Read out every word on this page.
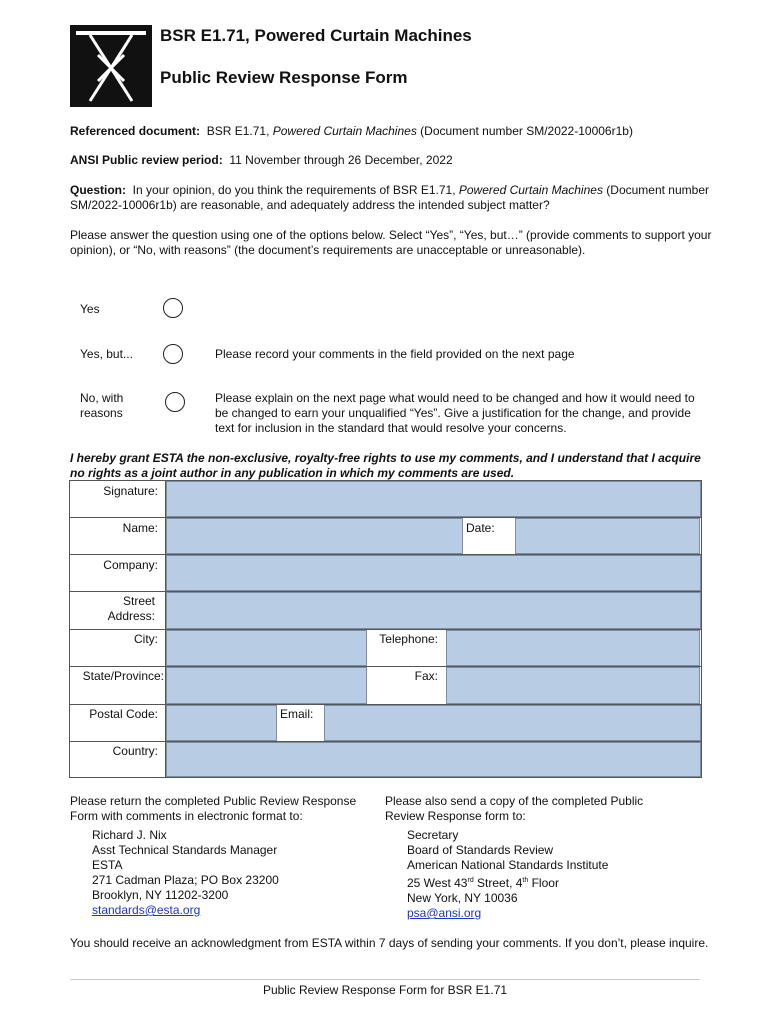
BSR E1.71, Powered Curtain Machines
Public Review Response Form
Referenced document: BSR E1.71, Powered Curtain Machines (Document number SM/2022-10006r1b)
ANSI Public review period: 11 November through 26 December, 2022
Question: In your opinion, do you think the requirements of BSR E1.71, Powered Curtain Machines (Document number SM/2022-10006r1b) are reasonable, and adequately address the intended subject matter?
Please answer the question using one of the options below. Select “Yes”, “Yes, but…” (provide comments to support your opinion), or “No, with reasons” (the document’s requirements are unacceptable or unreasonable).
Yes
Yes, but...	Please record your comments in the field provided on the next page
No, with reasons
Please explain on the next page what would need to be changed and how it would need to be changed to earn your unqualified “Yes”. Give a justification for the change, and provide text for inclusion in the standard that would resolve your concerns.
I hereby grant ESTA the non-exclusive, royalty-free rights to use my comments, and I understand that I acquire no rights as a joint author in any publication in which my comments are used.
Signature:
Name:	Date:
Company:
Street Address:
City:	Telephone:
State/Province:	Fax:
Postal Code:	Email:
Country:
Please return the completed Public Review Response Form with comments in electronic format to:
Please also send a copy of the completed Public Review Response form to:
Richard J. Nix
Asst Technical Standards Manager
ESTA
271 Cadman Plaza; PO Box 23200
Brooklyn, NY 11202-3200
standards@esta.org
Secretary
Board of Standards Review
American National Standards Institute
25 West 43rd Street, 4th Floor
New York, NY 10036
psa@ansi.org
You should receive an acknowledgment from ESTA within 7 days of sending your comments. If you don’t, please inquire.
Public Review Response Form for BSR E1.71
